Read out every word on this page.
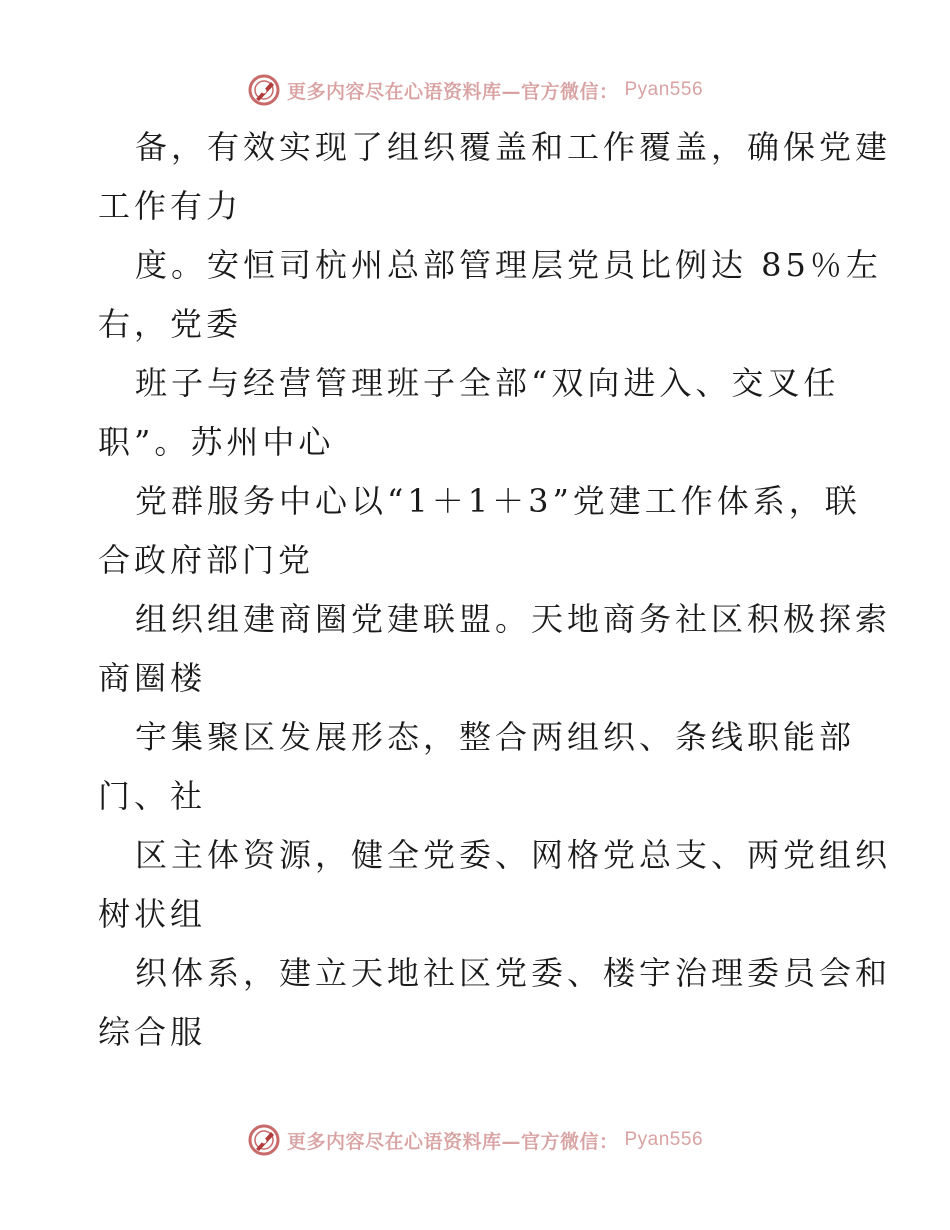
更多内容尽在心语资料库—官方微信： Pyan556

备，有效实现了组织覆盖和工作覆盖，确保党建
工作有力

度。安恒司杭州总部管理层党员比例达 85％左
右，党委

班子与经营管理班子全部“双向进入、交叉任
职”。苏州中心

党群服务中心以“1＋1＋3”党建工作体系，联
合政府部门党

组织组建商圈党建联盟。天地商务社区积极探索
商圈楼

宇集聚区发展形态，整合两组织、条线职能部
门、社

区主体资源，健全党委、网格党总支、两党组织
树状组

织体系，建立天地社区党委、楼宇治理委员会和
综合服

更多内容尽在心语资料库—官方微信： Pyan556
